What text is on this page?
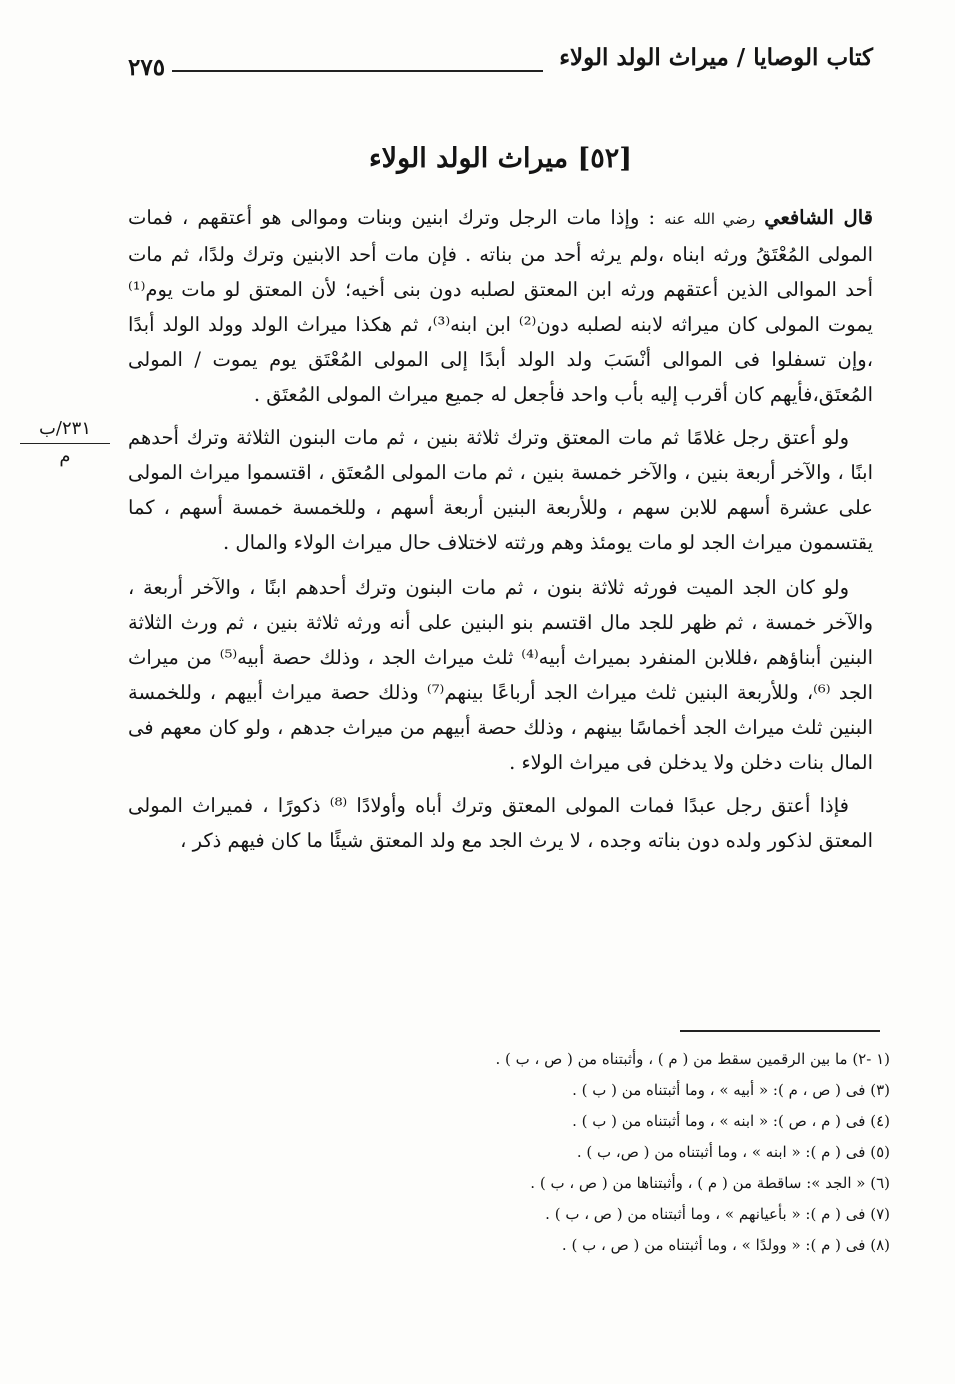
كتاب الوصايا / ميراث الولد الولاء
٢٧٥
[٥٢] ميراث الولد الولاء
٢٣١/ب
م

قال الشافعي رضي الله عنه : وإذا مات الرجل وترك ابنين وبنات وموالى هو أعتقهم ، فمات المولى المُعْتَقُ ورثه ابناه ،ولم يرثه أحد من بناته . فإن مات أحد الابنين وترك ولدًا، ثم مات أحد الموالى الذين أعتقهم ورثه ابن المعتق لصلبه دون بنى أخيه؛ لأن المعتق لو مات يوم⁽¹⁾ يموت المولى كان ميراثه لابنه لصلبه دون⁽²⁾ ابن ابنه⁽³⁾، ثم هكذا ميراث الولد وولد الولد أبدًا ،وإن تسفلوا فى الموالى أنْسَبَ ولد الولد أبدًا إلى المولى المُعْتَق يوم يموت / المولى المُعتَق،فأيهم كان أقرب إليه بأب واحد فأجعل له جميع ميراث المولى المُعتَق .

ولو أعتق رجل غلامًا ثم مات المعتق وترك ثلاثة بنين ، ثم مات البنون الثلاثة وترك أحدهم ابنًا ، والآخر أربعة بنين ، والآخر خمسة بنين ، ثم مات المولى المُعتَق ، اقتسموا ميراث المولى على عشرة أسهم للابن سهم ، وللأربعة البنين أربعة أسهم ، وللخمسة خمسة أسهم ، كما يقتسمون ميراث الجد لو مات يومئذ وهم ورثته لاختلاف حال ميراث الولاء والمال .

ولو كان الجد الميت فورثه ثلاثة بنون ، ثم مات البنون وترك أحدهم ابنًا ، والآخر أربعة ، والآخر خمسة ، ثم ظهر للجد مال اقتسم بنو البنين على أنه ورثه ثلاثة بنين ، ثم ورث الثلاثة البنين أبناؤهم ،فللابن المنفرد بميراث أبيه⁽⁴⁾ ثلث ميراث الجد ، وذلك حصة أبيه⁽⁵⁾ من ميراث الجد ⁽⁶⁾، وللأربعة البنين ثلث ميراث الجد أرباعًا بينهم⁽⁷⁾ وذلك حصة ميراث أبيهم ، وللخمسة البنين ثلث ميراث الجد أخماسًا بينهم ، وذلك حصة أبيهم من ميراث جدهم ، ولو كان معهم فى المال بنات دخلن ولا يدخلن فى ميراث الولاء .

فإذا أعتق رجل عبدًا فمات المولى المعتق وترك أباه وأولادًا ⁽⁸⁾ ذكورًا ، فميراث المولى المعتق لذكور ولده دون بناته وجده ، لا يرث الجد مع ولد المعتق شيئًا ما كان فيهم ذكر ،

(١ -٢) ما بين الرقمين سقط من ( م ) ، وأثبتناه من ( ص ، ب ) .

(٣) فى ( ص ، م ): « أبيه » ، وما أثبتناه من ( ب ) .

(٤) فى ( م ، ص ): « ابنه » ، وما أثبتناه من ( ب ) .

(٥) فى ( م ): « ابنه » ، وما أثبتناه من ( ص، ب ) .

(٦) « الجد »: ساقطة من ( م ) ، وأثبتناها من ( ص ، ب ) .

(٧) فى ( م ): « بأعيانهم » ، وما أثبتناه من ( ص ، ب ) .

(٨) فى ( م ): « وولدًا » ، وما أثبتناه من ( ص ، ب ) .
